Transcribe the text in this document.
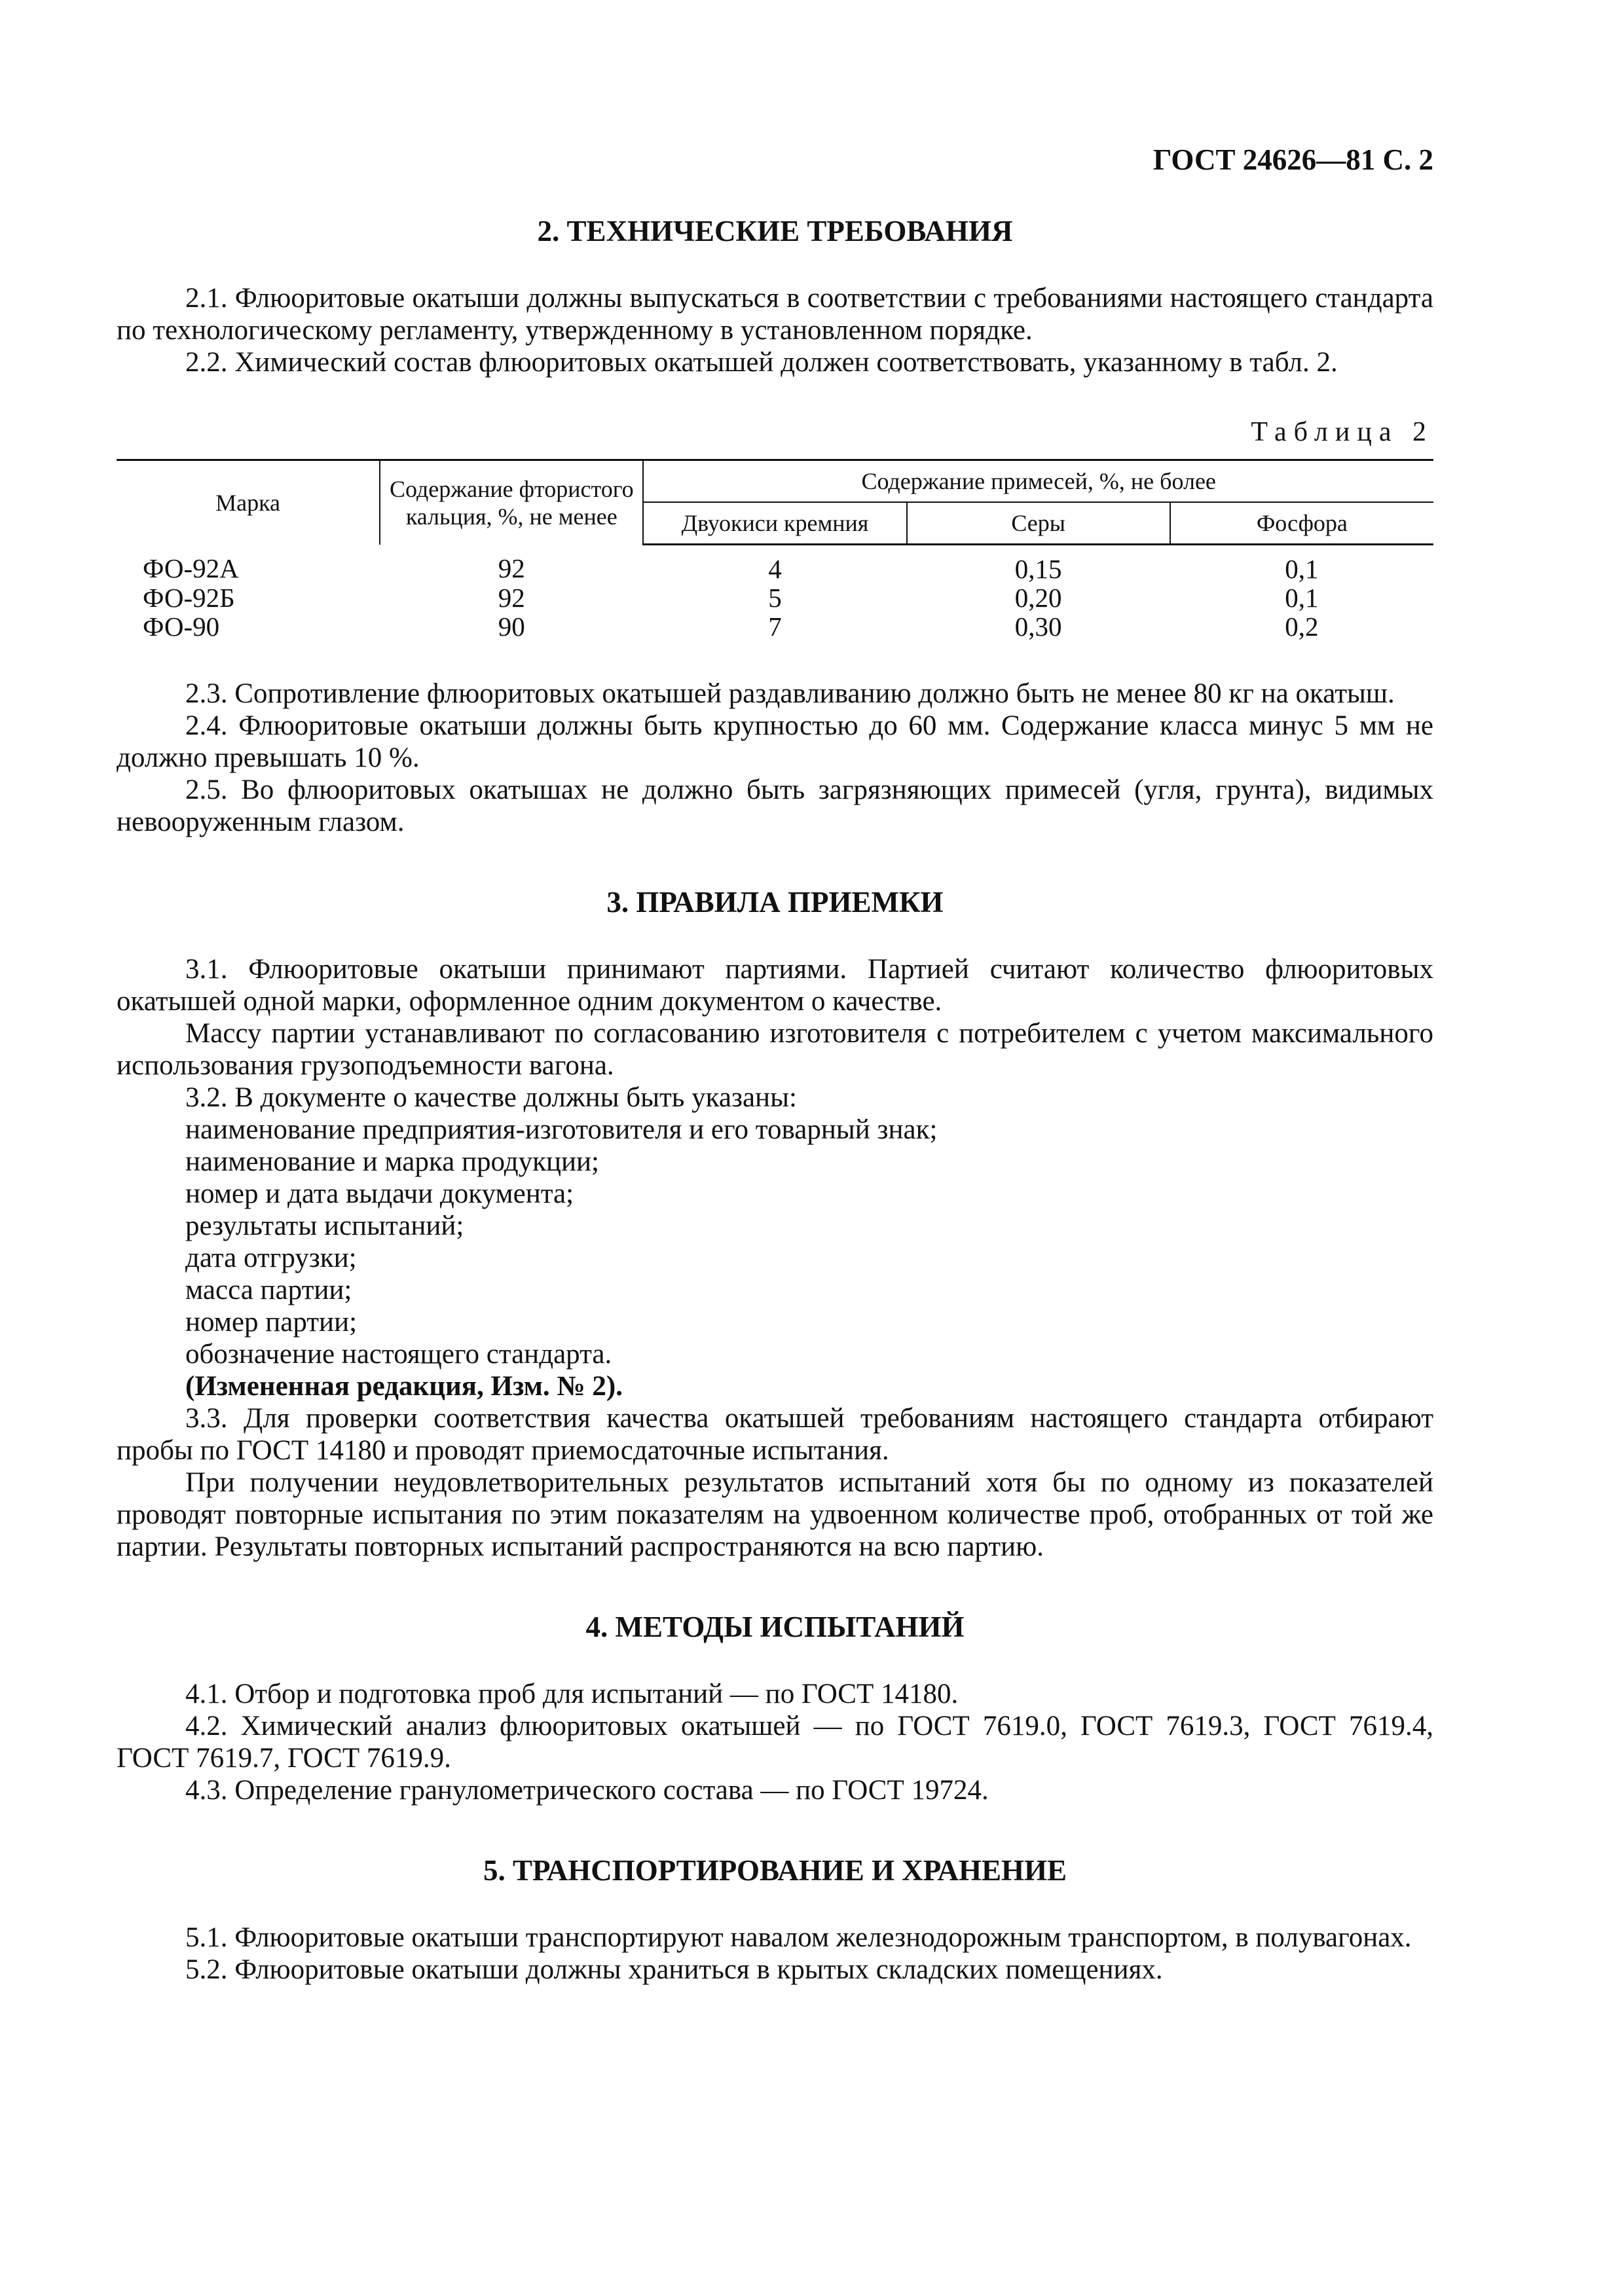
ГОСТ 24626—81 С. 2
2. ТЕХНИЧЕСКИЕ ТРЕБОВАНИЯ

2.1. Флюоритовые окатыши должны выпускаться в соответствии с требованиями настоящего стандарта по технологическому регламенту, утвержденному в установленном порядке.

2.2. Химический состав флюоритовых окатышей должен соответствовать, указанному в табл. 2.

Таблица 2
Марка	Содержание фтористого кальция, %, не менее	Содержание примесей, %, не более		
		Двуокиси кремния	Серы	Фосфора
ФО-92А	92	4	0,15	0,1
ФО-92Б	92	5	0,20	0,1
ФО-90	90	7	0,30	0,2

2.3. Сопротивление флюоритовых окатышей раздавливанию должно быть не менее 80 кг на окатыш.

2.4. Флюоритовые окатыши должны быть крупностью до 60 мм. Содержание класса минус 5 мм не должно превышать 10 %.

2.5. Во флюоритовых окатышах не должно быть загрязняющих примесей (угля, грунта), видимых невооруженным глазом.

3. ПРАВИЛА ПРИЕМКИ

3.1. Флюоритовые окатыши принимают партиями. Партией считают количество флюоритовых окатышей одной марки, оформленное одним документом о качестве.

Массу партии устанавливают по согласованию изготовителя с потребителем с учетом максимального использования грузоподъемности вагона.

3.2. В документе о качестве должны быть указаны:

наименование предприятия-изготовителя и его товарный знак;

наименование и марка продукции;

номер и дата выдачи документа;

результаты испытаний;

дата отгрузки;

масса партии;

номер партии;

обозначение настоящего стандарта.

(Измененная редакция, Изм. № 2).

3.3. Для проверки соответствия качества окатышей требованиям настоящего стандарта отбирают пробы по ГОСТ 14180 и проводят приемосдаточные испытания.

При получении неудовлетворительных результатов испытаний хотя бы по одному из показателей проводят повторные испытания по этим показателям на удвоенном количестве проб, отобранных от той же партии. Результаты повторных испытаний распространяются на всю партию.

4. МЕТОДЫ ИСПЫТАНИЙ

4.1. Отбор и подготовка проб для испытаний — по ГОСТ 14180.

4.2. Химический анализ флюоритовых окатышей — по ГОСТ 7619.0, ГОСТ 7619.3, ГОСТ 7619.4, ГОСТ 7619.7, ГОСТ 7619.9.

4.3. Определение гранулометрического состава — по ГОСТ 19724.

5. ТРАНСПОРТИРОВАНИЕ И ХРАНЕНИЕ

5.1. Флюоритовые окатыши транспортируют навалом железнодорожным транспортом, в полувагонах.

5.2. Флюоритовые окатыши должны храниться в крытых складских помещениях.
